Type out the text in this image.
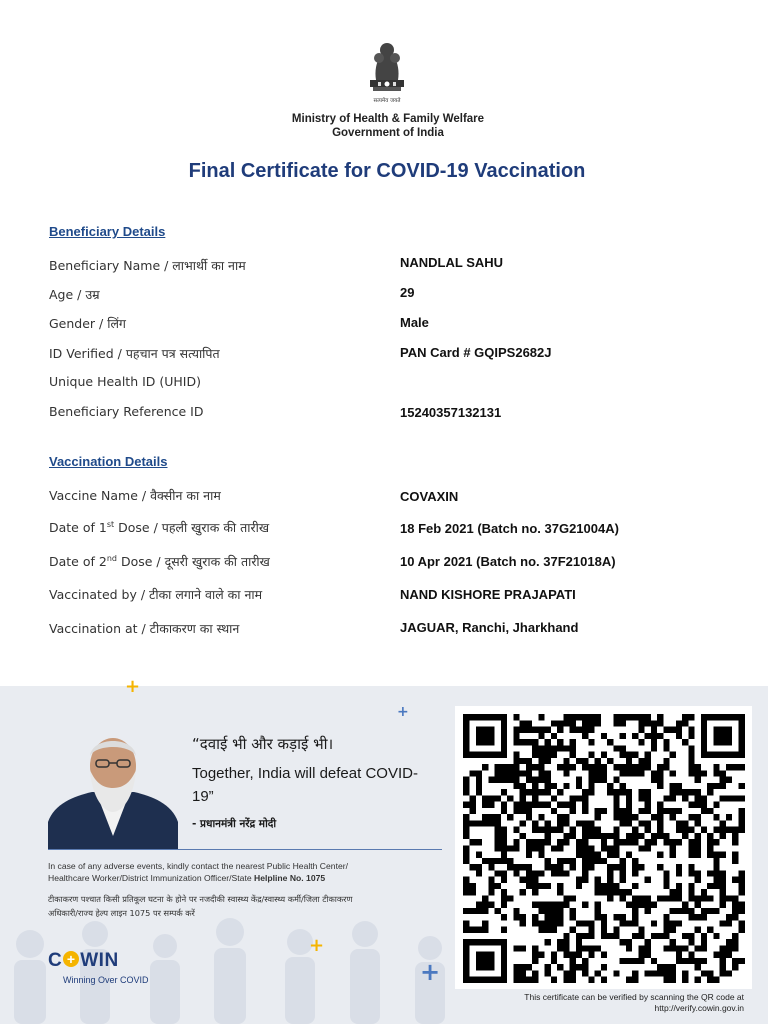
सत्यमेव जयते
Ministry of Health & Family Welfare
Government of India
Final Certificate for COVID-19 Vaccination
Beneficiary Details
Beneficiary Name / लाभार्थी का नाम	NANDLAL SAHU
Age / उम्र	29
Gender / लिंग	Male
ID Verified / पहचान पत्र सत्यापित	PAN Card # GQIPS2682J
Unique Health ID (UHID)
Beneficiary Reference ID	15240357132131
Vaccination Details
Vaccine Name / वैक्सीन का नाम	COVAXIN
Date of 1st Dose / पहली खुराक की तारीख	18 Feb 2021 (Batch no. 37G21004A)
Date of 2nd Dose / दूसरी खुराक की तारीख	10 Apr 2021 (Batch no. 37F21018A)
Vaccinated by / टीका लगाने वाले का नाम	NAND KISHORE PRAJAPATI
Vaccination at / टीकाकरण का स्थान	JAGUAR, Ranchi, Jharkhand
“दवाई भी और कड़ाई भी।
Together, India will defeat COVID-19”
- प्रधानमंत्री नरेंद्र मोदी
In case of any adverse events, kindly contact the nearest Public Health Center/
Healthcare Worker/District Immunization Officer/State Helpline No. 1075
टीकाकरण पश्चात किसी प्रतिकूल घटना के होने पर नजदीकी स्वास्थ्य केंद्र/स्वास्थ्य कर्मी/जिला टीकाकरण
अधिकारी/राज्य हेल्प लाइन 1075 पर सम्पर्क करें
+
+
+
+
C + WIN
Winning Over COVID
This certificate can be verified by scanning the QR code at
http://verify.cowin.gov.in
